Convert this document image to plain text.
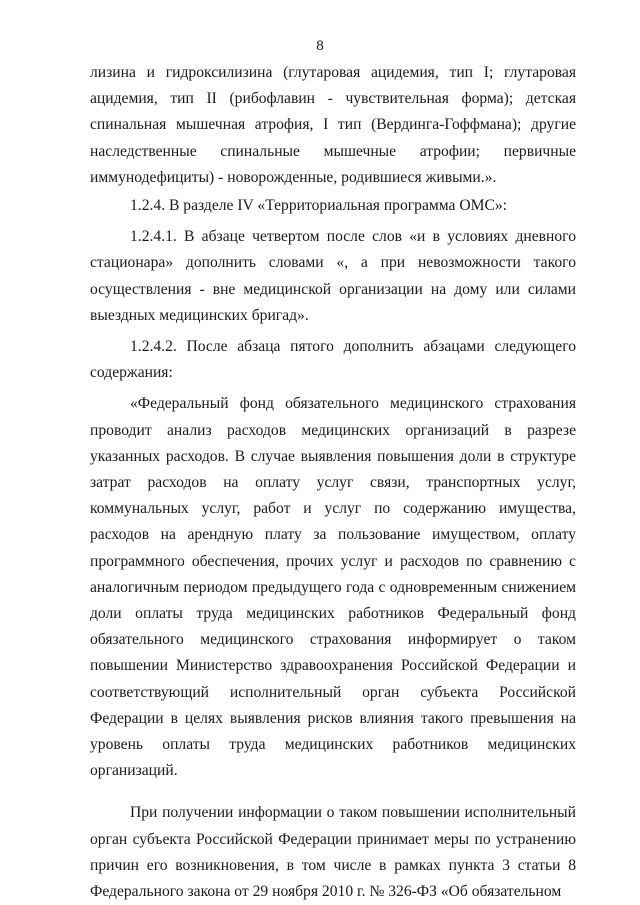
8

лизина и гидроксилизина (глутаровая ацидемия, тип I; глутаровая ацидемия, тип II (рибофлавин - чувствительная форма); детская спинальная мышечная атрофия, I тип (Вердинга-Гоффмана); другие наследственные спинальные мышечные атрофии; первичные иммунодефициты) - новорожденные, родившиеся живыми.».

1.2.4. В разделе IV «Территориальная программа ОМС»:

1.2.4.1. В абзаце четвертом после слов «и в условиях дневного стационара» дополнить словами «, а при невозможности такого осуществления - вне медицинской организации на дому или силами выездных медицинских бригад».

1.2.4.2. После абзаца пятого дополнить абзацами следующего содержания:

«Федеральный фонд обязательного медицинского страхования проводит анализ расходов медицинских организаций в разрезе указанных расходов. В случае выявления повышения доли в структуре затрат расходов на оплату услуг связи, транспортных услуг, коммунальных услуг, работ и услуг по содержанию имущества, расходов на арендную плату за пользование имуществом, оплату программного обеспечения, прочих услуг и расходов по сравнению с аналогичным периодом предыдущего года с одновременным снижением доли оплаты труда медицинских работников Федеральный фонд обязательного медицинского страхования информирует о таком повышении Министерство здравоохранения Российской Федерации и соответствующий исполнительный орган субъекта Российской Федерации в целях выявления рисков влияния такого превышения на уровень оплаты труда медицинских работников медицинских организаций.

При получении информации о таком повышении исполнительный орган субъекта Российской Федерации принимает меры по устранению причин его возникновения, в том числе в рамках пункта 3 статьи 8 Федерального закона от 29 ноября 2010 г. № 326-ФЗ «Об обязательном
